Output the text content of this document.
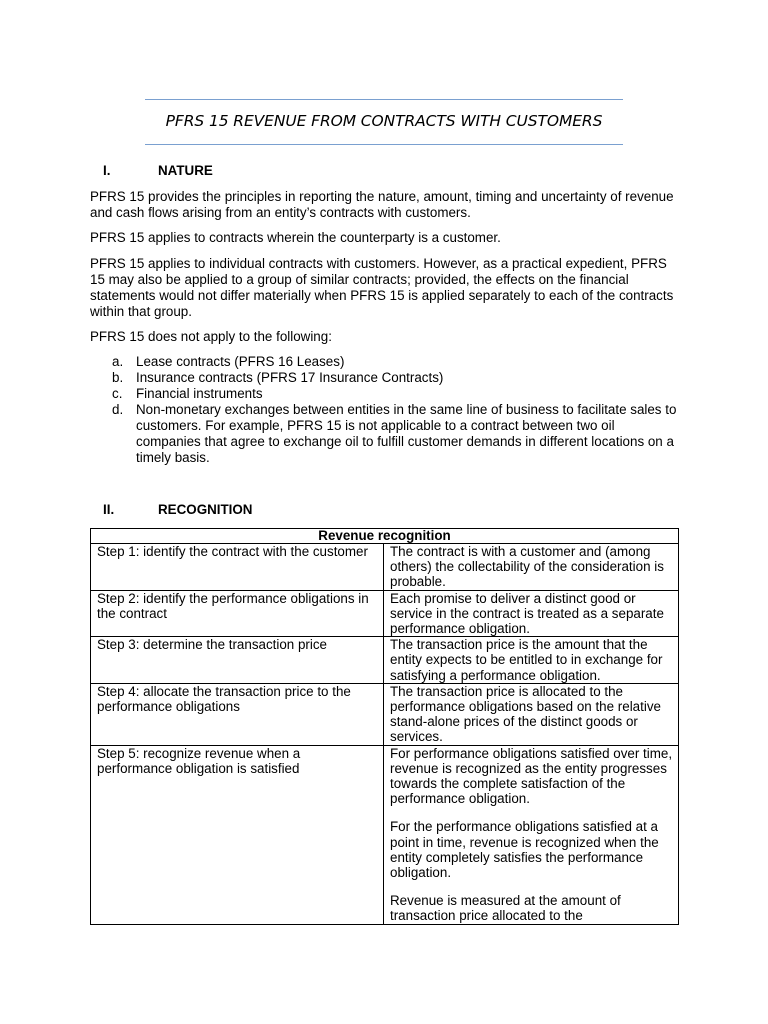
PFRS 15 REVENUE FROM CONTRACTS WITH CUSTOMERS
I.	NATURE

PFRS 15 provides the principles in reporting the nature, amount, timing and uncertainty of revenue and cash flows arising from an entity’s contracts with customers.

PFRS 15 applies to contracts wherein the counterparty is a customer.

PFRS 15 applies to individual contracts with customers. However, as a practical expedient, PFRS 15 may also be applied to a group of similar contracts; provided, the effects on the financial statements would not differ materially when PFRS 15 is applied separately to each of the contracts within that group.

PFRS 15 does not apply to the following:

a. Lease contracts (PFRS 16 Leases)
b. Insurance contracts (PFRS 17 Insurance Contracts)
c. Financial instruments
d. Non-monetary exchanges between entities in the same line of business to facilitate sales to customers. For example, PFRS 15 is not applicable to a contract between two oil companies that agree to exchange oil to fulfill customer demands in different locations on a timely basis.
II.	RECOGNITION
Revenue recognition	
Step 1: identify the contract with the customer	The contract is with a customer and (among others) the collectability of the consideration is probable.

Step 2: identify the performance obligations in the contract	Each promise to deliver a distinct good or service in the contract is treated as a separate performance obligation.

Step 3: determine the transaction price	The transaction price is the amount that the entity expects to be entitled to in exchange for satisfying a performance obligation.

Step 4: allocate the transaction price to the performance obligations	The transaction price is allocated to the performance obligations based on the relative stand-alone prices of the distinct goods or services.

Step 5: recognize revenue when a performance obligation is satisfied	For performance obligations satisfied over time, revenue is recognized as the entity progresses towards the complete satisfaction of the performance obligation.

For the performance obligations satisfied at a point in time, revenue is recognized when the entity completely satisfies the performance obligation.

Revenue is measured at the amount of transaction price allocated to the
